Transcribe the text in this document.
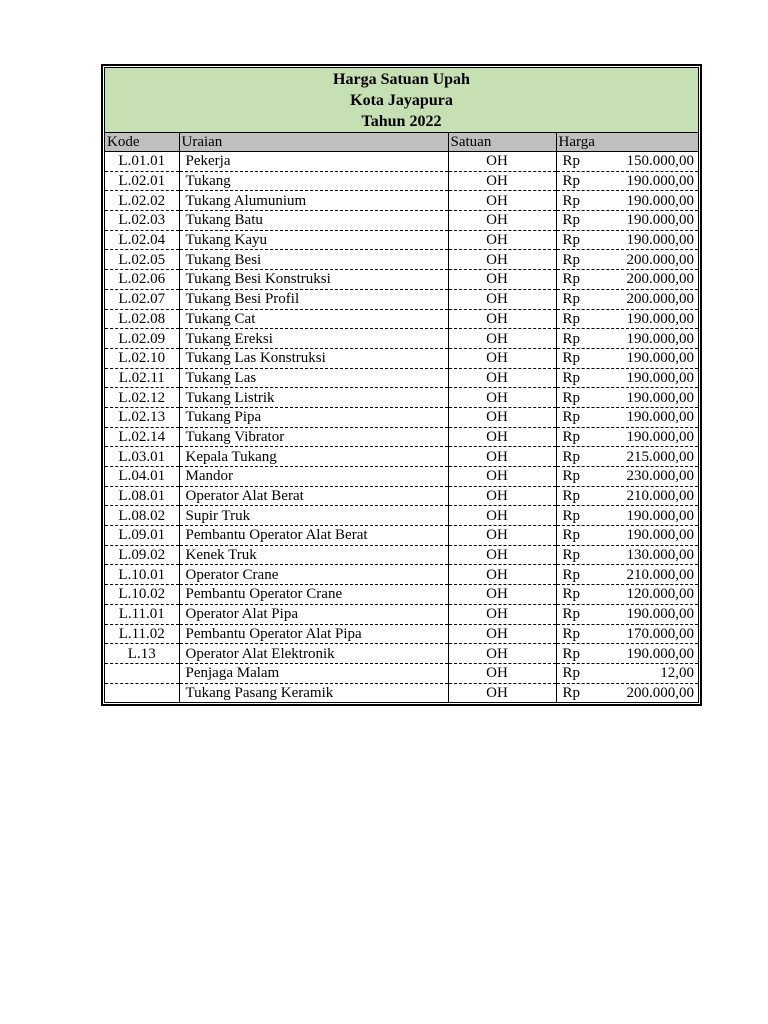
Harga Satuan Upah
Kota Jayapura
Tahun 2022
Kode	Uraian	Satuan	Harga
L.01.01	Pekerja	OH	Rp 150.000,00

L.02.01	Tukang	OH	Rp 190.000,00

L.02.02	Tukang Alumunium	OH	Rp 190.000,00

L.02.03	Tukang Batu	OH	Rp 190.000,00

L.02.04	Tukang Kayu	OH	Rp 190.000,00

L.02.05	Tukang Besi	OH	Rp 200.000,00

L.02.06	Tukang Besi Konstruksi	OH	Rp 200.000,00

L.02.07	Tukang Besi Profil	OH	Rp 200.000,00

L.02.08	Tukang Cat	OH	Rp 190.000,00

L.02.09	Tukang Ereksi	OH	Rp 190.000,00

L.02.10	Tukang Las Konstruksi	OH	Rp 190.000,00

L.02.11	Tukang Las	OH	Rp 190.000,00

L.02.12	Tukang Listrik	OH	Rp 190.000,00

L.02.13	Tukang Pipa	OH	Rp 190.000,00

L.02.14	Tukang Vibrator	OH	Rp 190.000,00

L.03.01	Kepala Tukang	OH	Rp 215.000,00

L.04.01	Mandor	OH	Rp 230.000,00

L.08.01	Operator Alat Berat	OH	Rp 210.000,00

L.08.02	Supir Truk	OH	Rp 190.000,00

L.09.01	Pembantu Operator Alat Berat	OH	Rp 190.000,00

L.09.02	Kenek Truk	OH	Rp 130.000,00

L.10.01	Operator Crane	OH	Rp 210.000,00

L.10.02	Pembantu Operator Crane	OH	Rp 120.000,00

L.11.01	Operator Alat Pipa	OH	Rp 190.000,00

L.11.02	Pembantu Operator Alat Pipa	OH	Rp 170.000,00

L.13	Operator Alat Elektronik	OH	Rp 190.000,00

	Penjaga Malam	OH	Rp 12,00

	Tukang Pasang Keramik	OH	Rp 200.000,00
